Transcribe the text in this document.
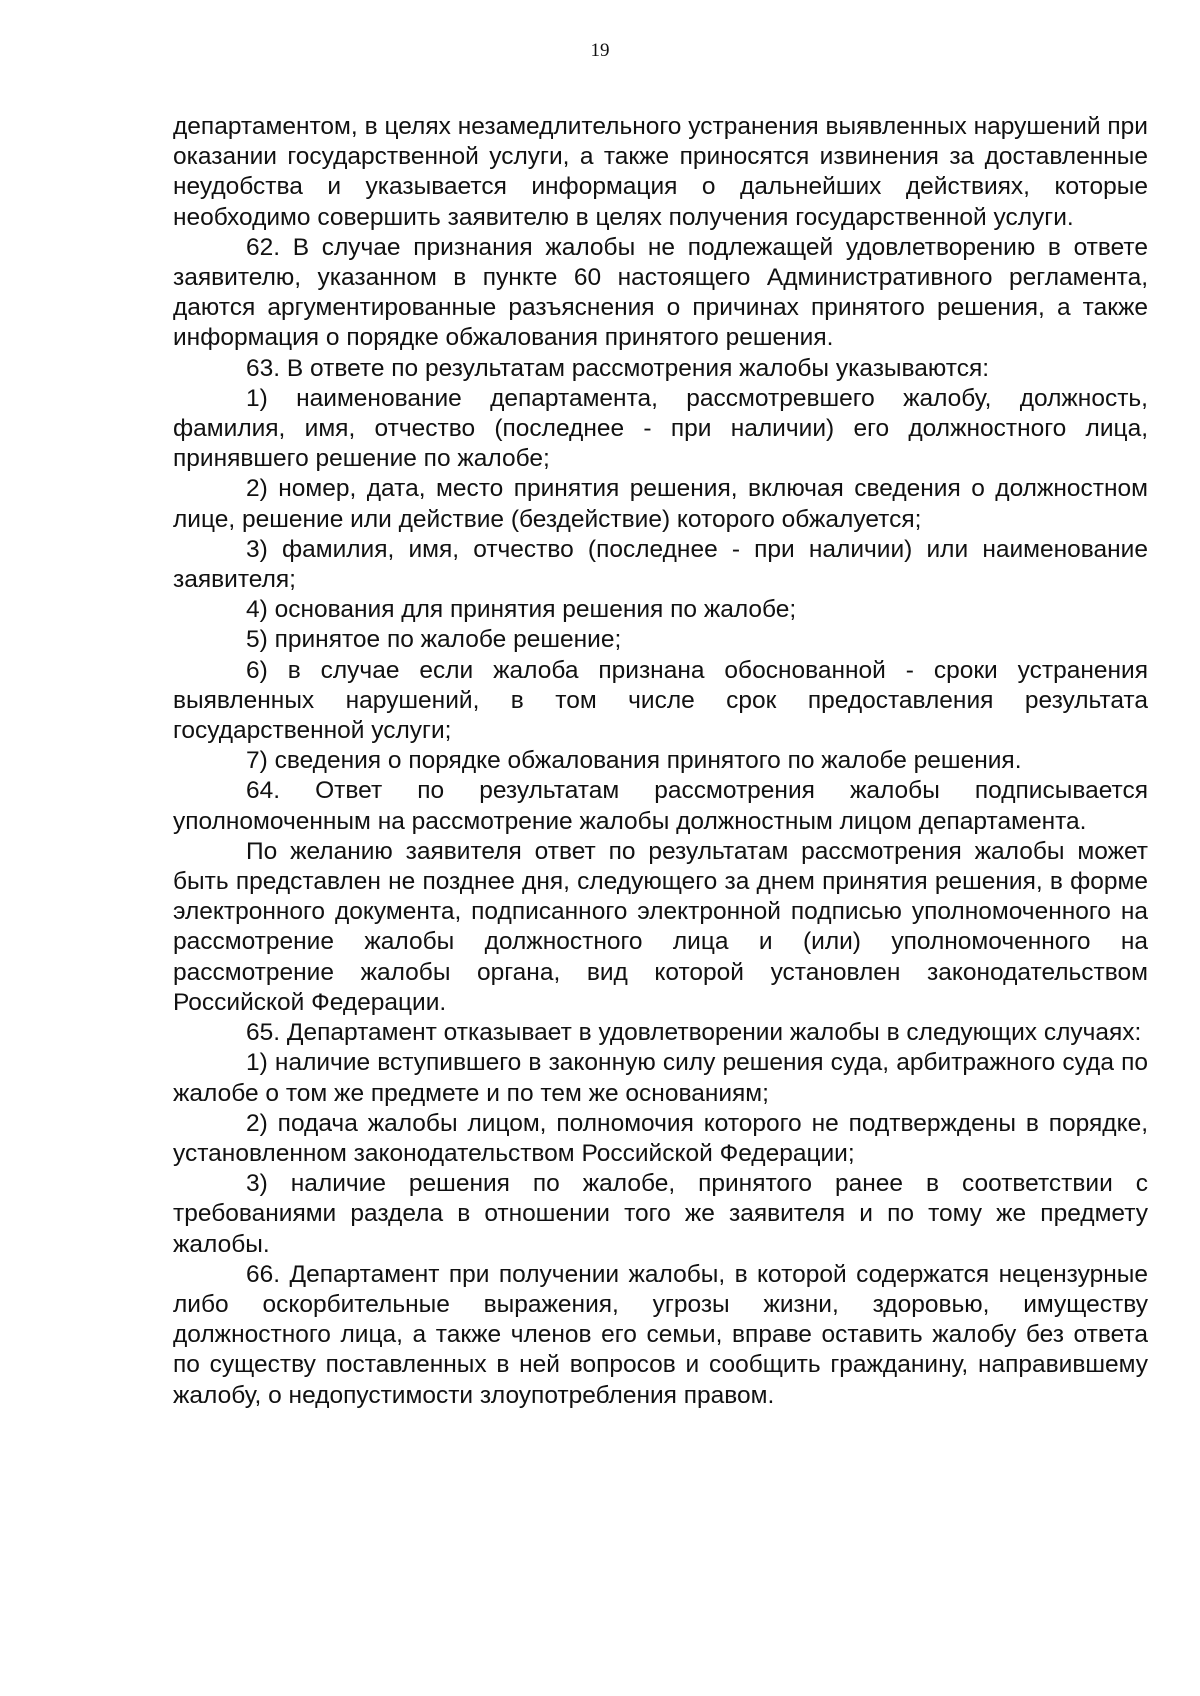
19

департаментом, в целях незамедлительного устранения выявленных нарушений при оказании государственной услуги, а также приносятся извинения за доставленные неудобства и указывается информация о дальнейших действиях, которые необходимо совершить заявителю в целях получения государственной услуги.

62. В случае признания жалобы не подлежащей удовлетворению в ответе заявителю, указанном в пункте 60 настоящего Административного регламента, даются аргументированные разъяснения о причинах принятого решения, а также информация о порядке обжалования принятого решения.

63. В ответе по результатам рассмотрения жалобы указываются:

1) наименование департамента, рассмотревшего жалобу, должность, фамилия, имя, отчество (последнее - при наличии) его должностного лица, принявшего решение по жалобе;

2) номер, дата, место принятия решения, включая сведения о должностном лице, решение или действие (бездействие) которого обжалуется;

3) фамилия, имя, отчество (последнее - при наличии) или наименование заявителя;

4) основания для принятия решения по жалобе;

5) принятое по жалобе решение;

6) в случае если жалоба признана обоснованной - сроки устранения выявленных нарушений, в том числе срок предоставления результата государственной услуги;

7) сведения о порядке обжалования принятого по жалобе решения.

64. Ответ по результатам рассмотрения жалобы подписывается уполномоченным на рассмотрение жалобы должностным лицом департамента.

По желанию заявителя ответ по результатам рассмотрения жалобы может быть представлен не позднее дня, следующего за днем принятия решения, в форме электронного документа, подписанного электронной подписью уполномоченного на рассмотрение жалобы должностного лица и (или) уполномоченного на рассмотрение жалобы органа, вид которой установлен законодательством Российской Федерации.

65. Департамент отказывает в удовлетворении жалобы в следующих случаях:

1) наличие вступившего в законную силу решения суда, арбитражного суда по жалобе о том же предмете и по тем же основаниям;

2) подача жалобы лицом, полномочия которого не подтверждены в порядке, установленном законодательством Российской Федерации;

3) наличие решения по жалобе, принятого ранее в соответствии с требованиями раздела в отношении того же заявителя и по тому же предмету жалобы.

66. Департамент при получении жалобы, в которой содержатся нецензурные либо оскорбительные выражения, угрозы жизни, здоровью, имуществу должностного лица, а также членов его семьи, вправе оставить жалобу без ответа по существу поставленных в ней вопросов и сообщить гражданину, направившему жалобу, о недопустимости злоупотребления правом.
